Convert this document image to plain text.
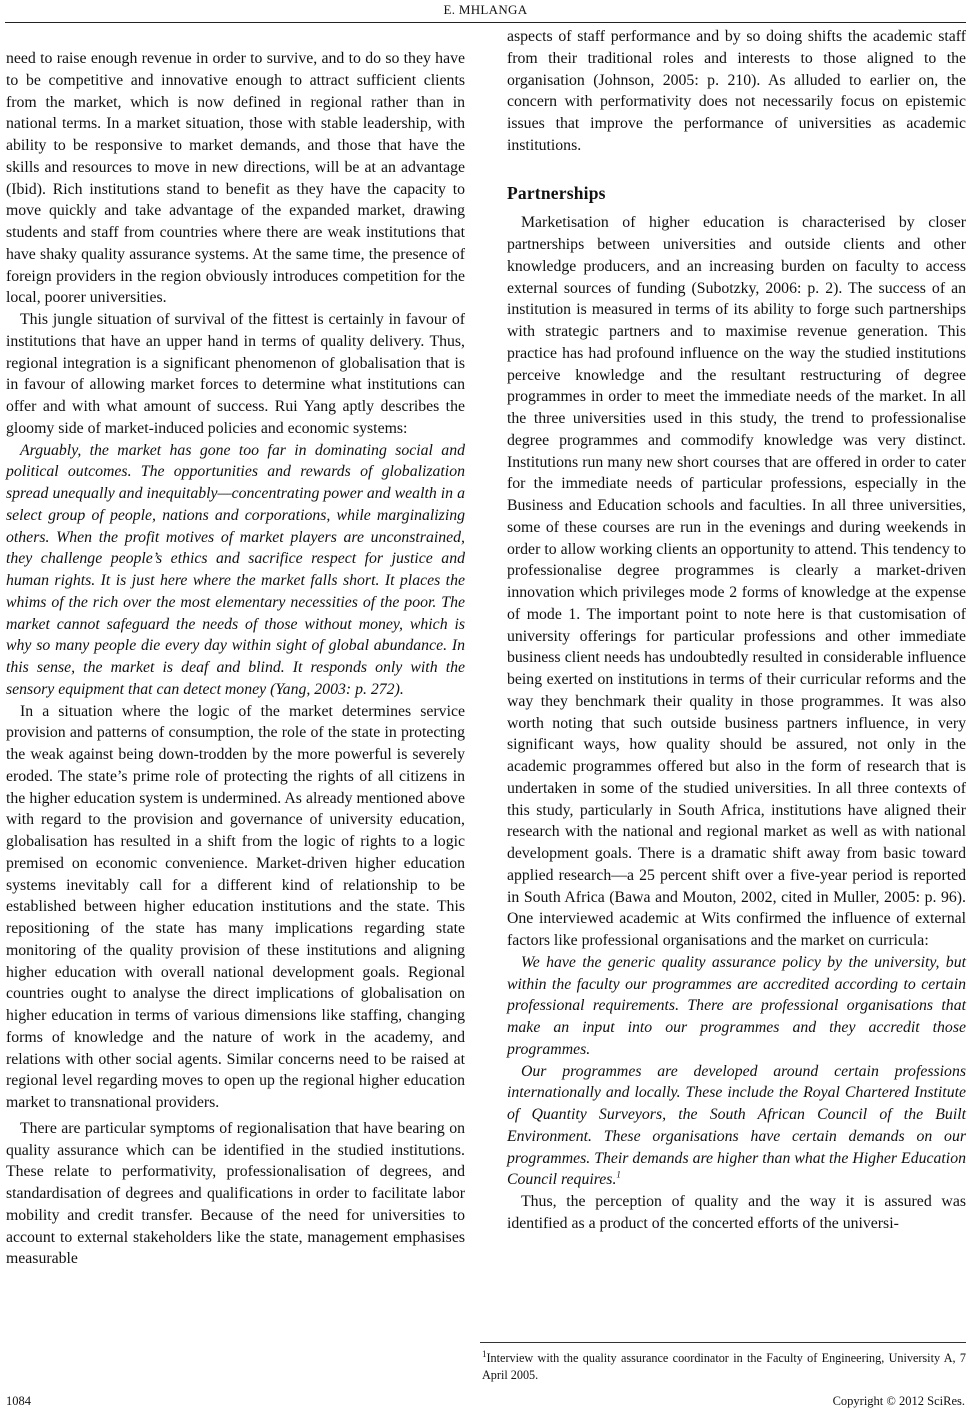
E. MHLANGA

need to raise enough revenue in order to survive, and to do so they have to be competitive and innovative enough to attract sufficient clients from the market, which is now defined in regional rather than in national terms. In a market situation, those with stable leadership, with ability to be responsive to market demands, and those that have the skills and resources to move in new directions, will be at an advantage (Ibid). Rich institutions stand to benefit as they have the capacity to move quickly and take advantage of the expanded market, drawing students and staff from countries where there are weak institutions that have shaky quality assurance systems. At the same time, the presence of foreign providers in the region obviously introduces competition for the local, poorer universities.

This jungle situation of survival of the fittest is certainly in favour of institutions that have an upper hand in terms of quality delivery. Thus, regional integration is a significant phenomenon of globalisation that is in favour of allowing market forces to determine what institutions can offer and with what amount of success. Rui Yang aptly describes the gloomy side of market-induced policies and economic systems:

Arguably, the market has gone too far in dominating social and political outcomes. The opportunities and rewards of globalization spread unequally and inequitably—concentrating power and wealth in a select group of people, nations and corporations, while marginalizing others. When the profit motives of market players are unconstrained, they challenge people’s ethics and sacrifice respect for justice and human rights. It is just here where the market falls short. It places the whims of the rich over the most elementary necessities of the poor. The market cannot safeguard the needs of those without money, which is why so many people die every day within sight of global abundance. In this sense, the market is deaf and blind. It responds only with the sensory equipment that can detect money (Yang, 2003: p. 272).

In a situation where the logic of the market determines service provision and patterns of consumption, the role of the state in protecting the weak against being down-trodden by the more powerful is severely eroded. The state’s prime role of protecting the rights of all citizens in the higher education system is undermined. As already mentioned above with regard to the provision and governance of university education, globalisation has resulted in a shift from the logic of rights to a logic premised on economic convenience. Market-driven higher education systems inevitably call for a different kind of relationship to be established between higher education institutions and the state. This repositioning of the state has many implications regarding state monitoring of the quality provision of these institutions and aligning higher education with overall national development goals. Regional countries ought to analyse the direct implications of globalisation on higher education in terms of various dimensions like staffing, changing forms of knowledge and the nature of work in the academy, and relations with other social agents. Similar concerns need to be raised at regional level regarding moves to open up the regional higher education market to transnational providers.

There are particular symptoms of regionalisation that have bearing on quality assurance which can be identified in the studied institutions. These relate to performativity, professionalisation of degrees, and standardisation of degrees and qualifications in order to facilitate labor mobility and credit transfer. Because of the need for universities to account to external stakeholders like the state, management emphasises measurable

aspects of staff performance and by so doing shifts the academic staff from their traditional roles and interests to those aligned to the organisation (Johnson, 2005: p. 210). As alluded to earlier on, the concern with performativity does not necessarily focus on epistemic issues that improve the performance of universities as academic institutions.

Partnerships

Marketisation of higher education is characterised by closer partnerships between universities and outside clients and other knowledge producers, and an increasing burden on faculty to access external sources of funding (Subotzky, 2006: p. 2). The success of an institution is measured in terms of its ability to forge such partnerships with strategic partners and to maximise revenue generation. This practice has had profound influence on the way the studied institutions perceive knowledge and the resultant restructuring of degree programmes in order to meet the immediate needs of the market. In all the three universities used in this study, the trend to professionalise degree programmes and commodify knowledge was very distinct. Institutions run many new short courses that are offered in order to cater for the immediate needs of particular professions, especially in the Business and Education schools and faculties. In all three universities, some of these courses are run in the evenings and during weekends in order to allow working clients an opportunity to attend. This tendency to professionalise degree programmes is clearly a market-driven innovation which privileges mode 2 forms of knowledge at the expense of mode 1. The important point to note here is that customisation of university offerings for particular professions and other immediate business client needs has undoubtedly resulted in considerable influence being exerted on institutions in terms of their curricular reforms and the way they benchmark their quality in those programmes. It was also worth noting that such outside business partners influence, in very significant ways, how quality should be assured, not only in the academic programmes offered but also in the form of research that is undertaken in some of the studied universities. In all three contexts of this study, particularly in South Africa, institutions have aligned their research with the national and regional market as well as with national development goals. There is a dramatic shift away from basic toward applied research—a 25 percent shift over a five-year period is reported in South Africa (Bawa and Mouton, 2002, cited in Muller, 2005: p. 96). One interviewed academic at Wits confirmed the influence of external factors like professional organisations and the market on curricula:

We have the generic quality assurance policy by the university, but within the faculty our programmes are accredited according to certain professional requirements. There are professional organisations that make an input into our programmes and they accredit those programmes.

Our programmes are developed around certain professions internationally and locally. These include the Royal Chartered Institute of Quantity Surveyors, the South African Council of the Built Environment. These organisations have certain demands on our programmes. Their demands are higher than what the Higher Education Council requires.$^1$

Thus, the perception of quality and the way it is assured was identified as a product of the concerted efforts of the universi-

$^1$Interview with the quality assurance coordinator in the Faculty of Engineering, University A, 7 April 2005.
1084	Copyright © 2012 SciRes.
